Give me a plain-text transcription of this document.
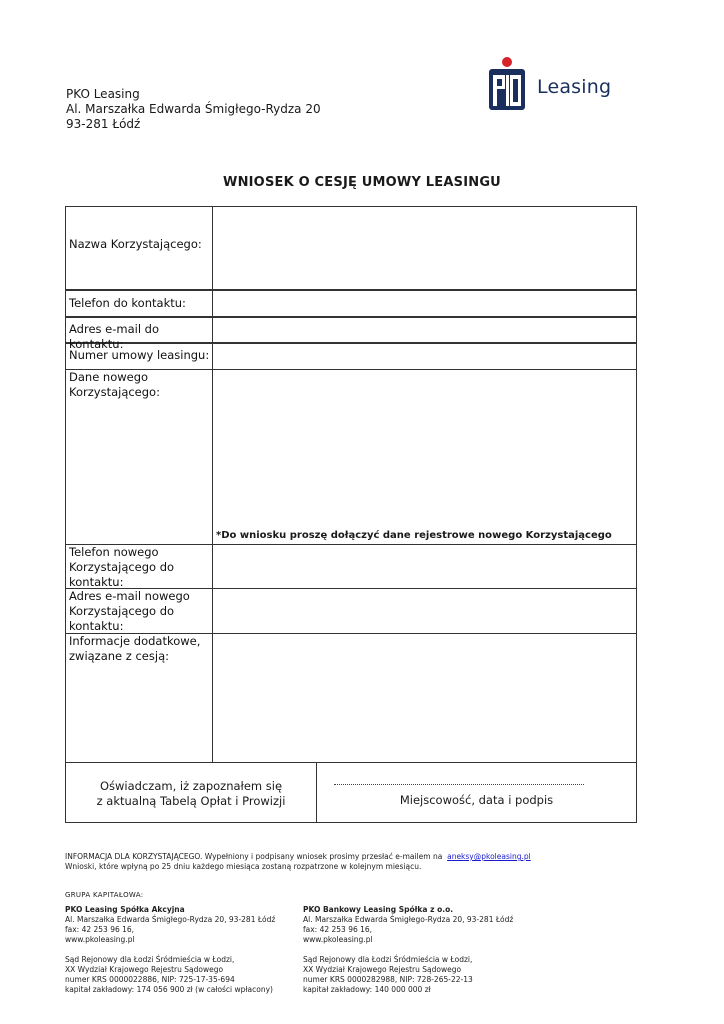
PKO Leasing
Al. Marszałka Edwarda Śmigłego-Rydza 20
93-281 Łódź
Leasing
WNIOSEK O CESJĘ UMOWY LEASINGU
Nazwa Korzystającego:
Telefon do kontaktu:
Adres e-mail do kontaktu:
Numer umowy leasingu:
Dane nowego Korzystającego:
Telefon nowego Korzystającego do kontaktu:
Adres e-mail nowego Korzystającego do kontaktu:
Informacje dodatkowe, związane z cesją:
*Do wniosku proszę dołączyć dane rejestrowe nowego Korzystającego
Oświadczam, iż zapoznałem się
z aktualną Tabelą Opłat i Prowizji	Miejscowość, data i podpis
INFORMACJA DLA KORZYSTAJĄCEGO. Wypełniony i podpisany wniosek prosimy przesłać e-mailem na aneksy@pkoleasing.pl
Wnioski, które wpłyną po 25 dniu każdego miesiąca zostaną rozpatrzone w kolejnym miesiącu.
GRUPA KAPITAŁOWA:
PKO Leasing Spółka Akcyjna
Al. Marszałka Edwarda Śmigłego-Rydza 20, 93-281 Łódź
fax: 42 253 96 16,
www.pkoleasing.pl
Sąd Rejonowy dla Łodzi Śródmieścia w Łodzi,
XX Wydział Krajowego Rejestru Sądowego
numer KRS 0000022886, NIP: 725-17-35-694
kapitał zakładowy: 174 056 900 zł (w całości wpłacony)
PKO Bankowy Leasing Spółka z o.o.
Al. Marszałka Edwarda Śmigłego-Rydza 20, 93-281 Łódź
fax: 42 253 96 16,
www.pkoleasing.pl
Sąd Rejonowy dla Łodzi Śródmieścia w Łodzi,
XX Wydział Krajowego Rejestru Sądowego
numer KRS 0000282988, NIP: 728-265-22-13
kapitał zakładowy: 140 000 000 zł
